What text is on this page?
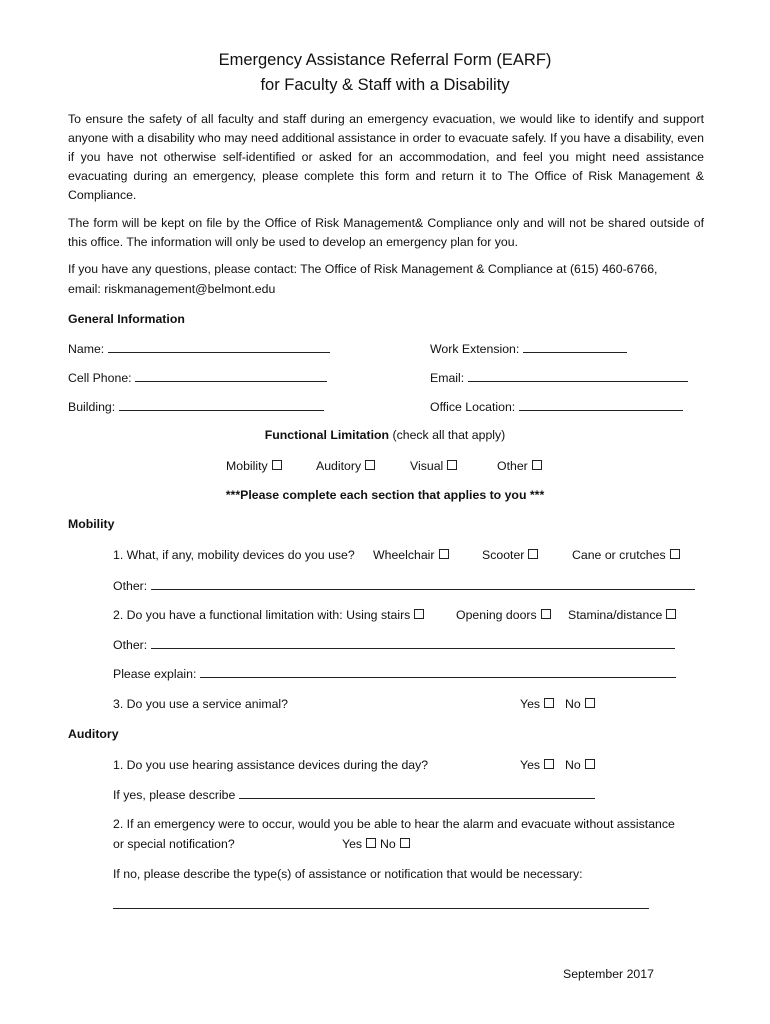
Emergency Assistance Referral Form (EARF)
for Faculty & Staff with a Disability
To ensure the safety of all faculty and staff during an emergency evacuation, we would like to identify and support anyone with a disability who may need additional assistance in order to evacuate safely. If you have a disability, even if you have not otherwise self-identified or asked for an accommodation, and feel you might need assistance evacuating during an emergency, please complete this form and return it to The Office of Risk Management & Compliance.
The form will be kept on file by the Office of Risk Management& Compliance only and will not be shared outside of this office. The information will only be used to develop an emergency plan for you.
If you have any questions, please contact: The Office of Risk Management & Compliance at (615) 460-6766,
email: riskmanagement@belmont.edu
General Information
Name:	Work Extension:
Cell Phone:	Email:
Building:	Office Location:
Functional Limitation (check all that apply)
Mobility	Auditory	Visual	Other
***Please complete each section that applies to you ***
Mobility
1. What, if any, mobility devices do you use? Wheelchair	Scooter	Cane or crutches
Other:
2. Do you have a functional limitation with: Using stairs	Opening doors	Stamina/distance
Other:
Please explain:
3. Do you use a service animal?	Yes	No
Auditory
1. Do you use hearing assistance devices during the day?	Yes	No
If yes, please describe
2. If an emergency were to occur, would you be able to hear the alarm and evacuate without assistance
or special notification?	Yes	No
If no, please describe the type(s) of assistance or notification that would be necessary:
September 2017
